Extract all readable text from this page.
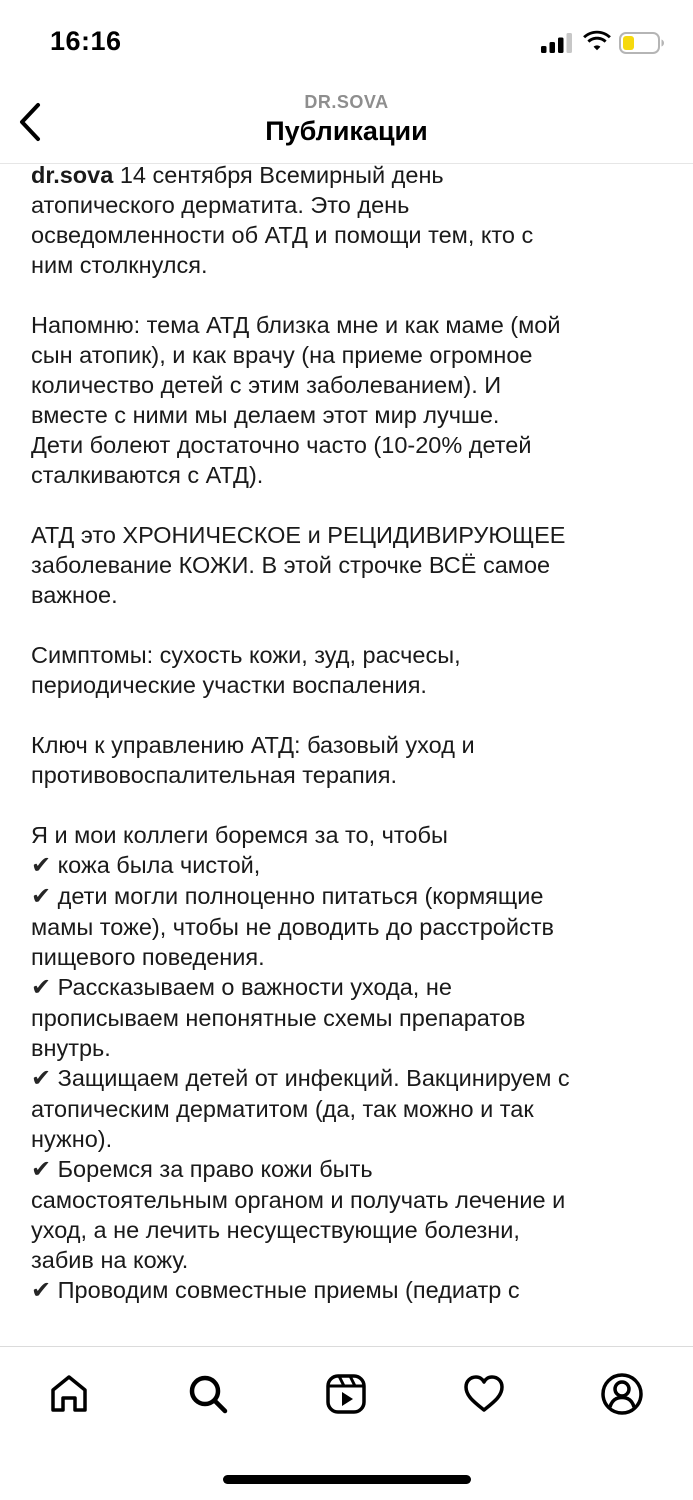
16:16
DR.SOVA
Публикации
dr.sova 14 сентября Всемирный день
атопического дерматита. Это день
осведомленности об АТД и помощи тем, кто с
ним столкнулся.
Напомню: тема АТД близка мне и как маме (мой
сын атопик), и как врачу (на приеме огромное
количество детей с этим заболеванием). И
вместе с ними мы делаем этот мир лучше.
Дети болеют достаточно часто (10-20% детей
сталкиваются с АТД).
АТД это ХРОНИЧЕСКОЕ и РЕЦИДИВИРУЮЩЕЕ
заболевание КОЖИ. В этой строчке ВСЁ самое
важное.
Симптомы: сухость кожи, зуд, расчесы,
периодические участки воспаления.
Ключ к управлению АТД: базовый уход и
противовоспалительная терапия.
Я и мои коллеги боремся за то, чтобы
✔ кожа была чистой,
✔ дети могли полноценно питаться (кормящие
мамы тоже), чтобы не доводить до расстройств
пищевого поведения.
✔ Рассказываем о важности ухода, не
прописываем непонятные схемы препаратов
внутрь.
✔ Защищаем детей от инфекций. Вакцинируем с
атопическим дерматитом (да, так можно и так
нужно).
✔ Боремся за право кожи быть
самостоятельным органом и получать лечение и
уход, а не лечить несуществующие болезни,
забив на кожу.
✔ Проводим совместные приемы (педиатр с
